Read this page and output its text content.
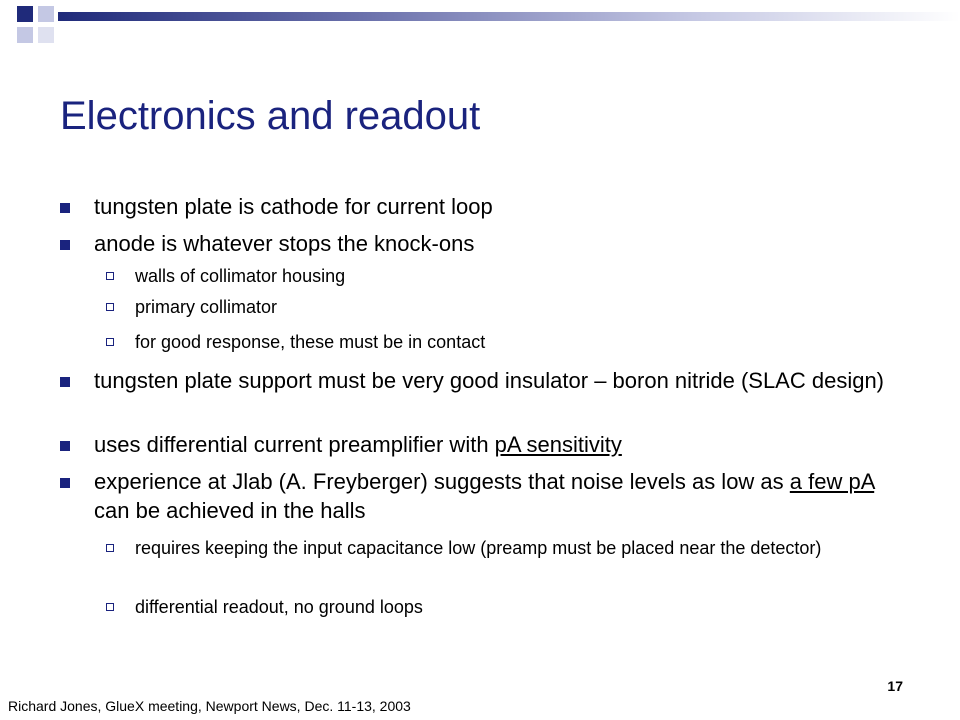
Electronics and readout
tungsten plate is cathode for current loop
anode is whatever stops the knock-ons
walls of collimator housing
primary collimator
for good response, these must be in contact
tungsten plate support must be very good insulator – boron nitride (SLAC design)
uses differential current preamplifier with pA sensitivity
experience at Jlab (A. Freyberger) suggests that noise levels as low as a few pA can be achieved in the halls
requires keeping the input capacitance low (preamp must be placed near the detector)
differential readout, no ground loops
Richard Jones, GlueX meeting, Newport News, Dec. 11-13, 2003
17
